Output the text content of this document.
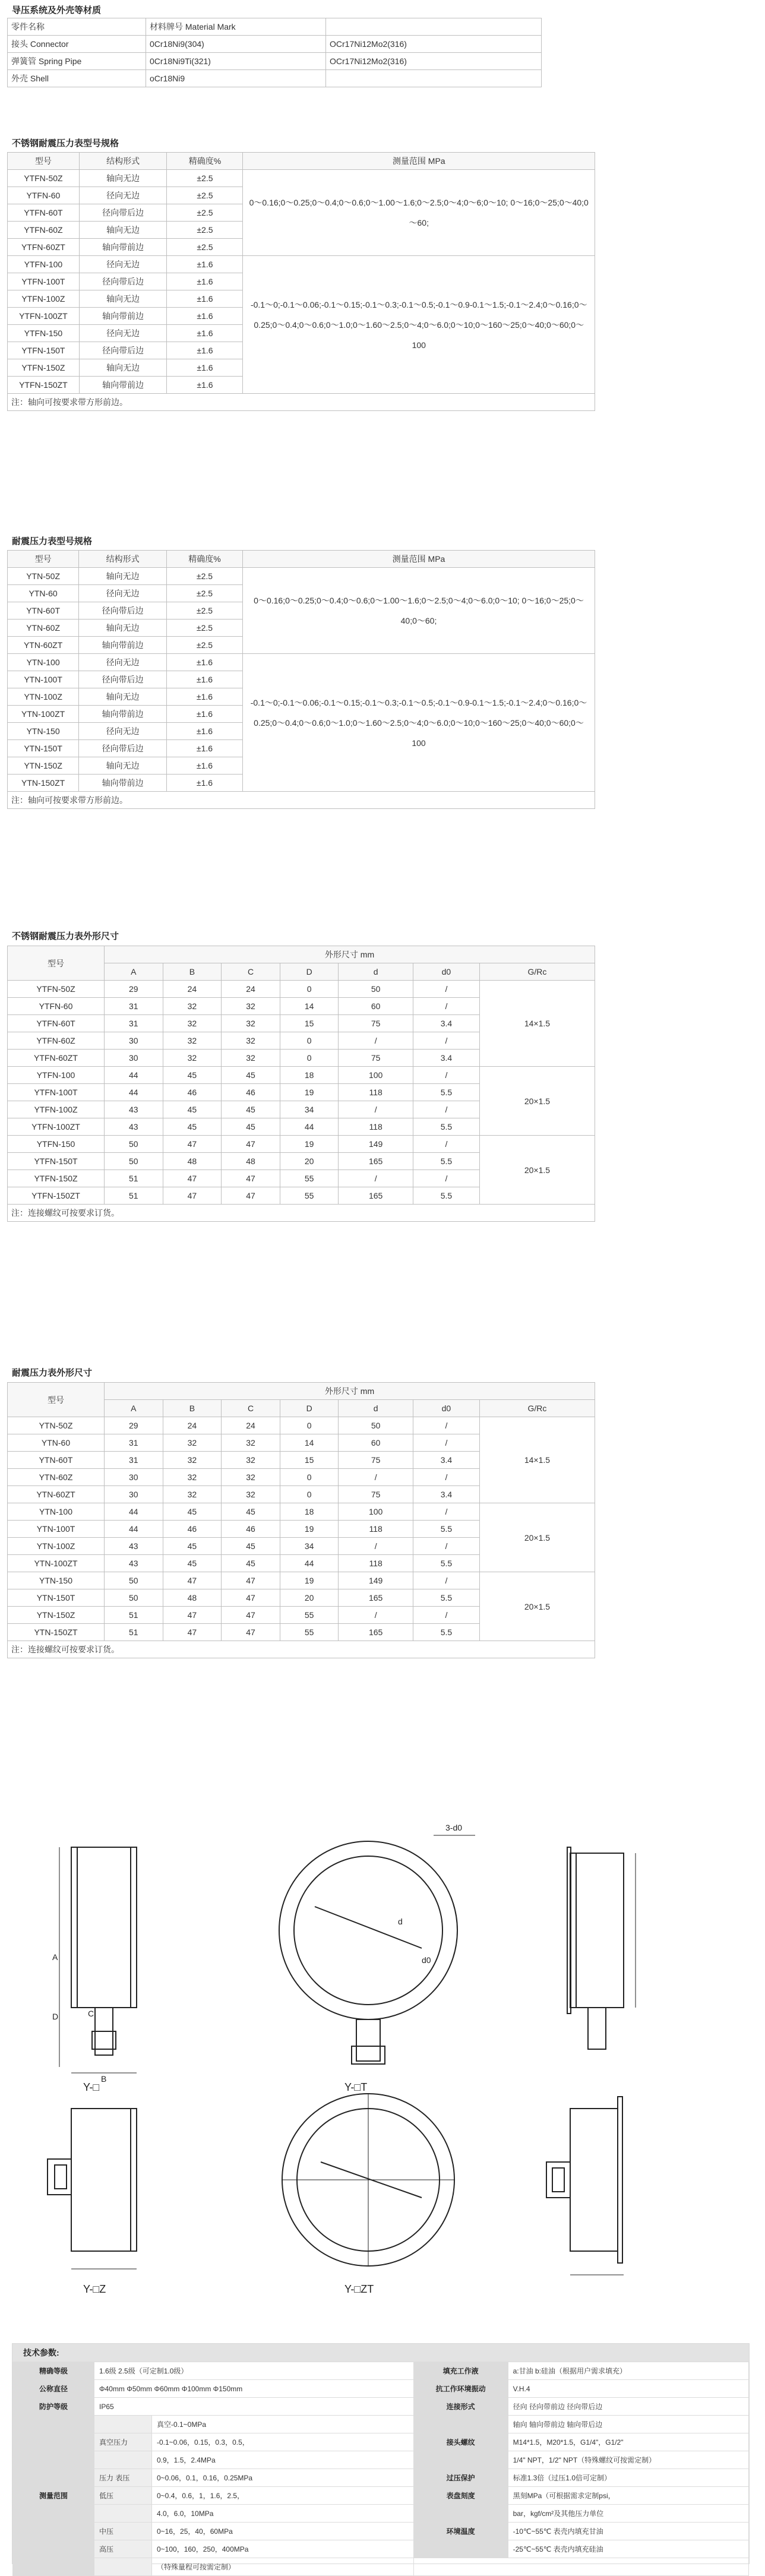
导压系统及外壳等材质
零件名称	材料牌号 Material Mark	
接头 Connector	0Cr18Ni9(304)	OCr17Ni12Mo2(316)
弹簧管 Spring Pipe	0Cr18Ni9Ti(321)	OCr17Ni12Mo2(316)
外壳 Shell	oCr18Ni9	
不锈钢耐震压力表型号规格
型号	结构形式	精确度%	测量范围 MPa
YTFN-50Z	轴向无边	±2.5	0～0.16;0～0.25;0～0.4;0～0.6;0～1.00～1.6;0～2.5;0～4;0～6;0～10; 0～16;0～25;0～40;0～60;
YTFN-60	径向无边	±2.5	
YTFN-60T	径向带后边	±2.5	
YTFN-60Z	轴向无边	±2.5	
YTFN-60ZT	轴向带前边	±2.5	
YTFN-100	径向无边	±1.6	-0.1～0;-0.1～0.06;-0.1～0.15;-0.1～0.3;-0.1～0.5;-0.1～0.9-0.1～1.5;-0.1～2.4;0～0.16;0～0.25;0～0.4;0～0.6;0～1.0;0～1.60～2.5;0～4;0～6.0;0～10;0～160～25;0～40;0～60;0～100
YTFN-100T	径向带后边	±1.6	
YTFN-100Z	轴向无边	±1.6	
YTFN-100ZT	轴向带前边	±1.6	
YTFN-150	径向无边	±1.6	
YTFN-150T	径向带后边	±1.6	
YTFN-150Z	轴向无边	±1.6	
YTFN-150ZT	轴向带前边	±1.6	
注：轴向可按要求带方形前边。			
耐震压力表型号规格
型号	结构形式	精确度%	测量范围 MPa
YTN-50Z	轴向无边	±2.5	0～0.16;0～0.25;0～0.4;0～0.6;0～1.00～1.6;0～2.5;0～4;0～6.0;0～10; 0～16;0～25;0～40;0～60;
YTN-60	径向无边	±2.5	
YTN-60T	径向带后边	±2.5	
YTN-60Z	轴向无边	±2.5	
YTN-60ZT	轴向带前边	±2.5	
YTN-100	径向无边	±1.6	-0.1～0;-0.1～0.06;-0.1～0.15;-0.1～0.3;-0.1～0.5;-0.1～0.9-0.1～1.5;-0.1～2.4;0～0.16;0～0.25;0～0.4;0～0.6;0～1.0;0～1.60～2.5;0～4;0～6.0;0～10;0～160～25;0～40;0～60;0～100
YTN-100T	径向带后边	±1.6	
YTN-100Z	轴向无边	±1.6	
YTN-100ZT	轴向带前边	±1.6	
YTN-150	径向无边	±1.6	
YTN-150T	径向带后边	±1.6	
YTN-150Z	轴向无边	±1.6	
YTN-150ZT	轴向带前边	±1.6	
注：轴向可按要求带方形前边。			
不锈钢耐震压力表外形尺寸
型号	外形尺寸 mm						
	A	B	C	D	d	d0	G/Rc
YTFN-50Z	29	24	24	0	50	/	14×1.5
YTFN-60	31	32	32	14	60	/	
YTFN-60T	31	32	32	15	75	3.4	
YTFN-60Z	30	32	32	0	/	/	
YTFN-60ZT	30	32	32	0	75	3.4	
YTFN-100	44	45	45	18	100	/	20×1.5
YTFN-100T	44	46	46	19	118	5.5	
YTFN-100Z	43	45	45	34	/	/	
YTFN-100ZT	43	45	45	44	118	5.5	
YTFN-150	50	47	47	19	149	/	20×1.5
YTFN-150T	50	48	48	20	165	5.5	
YTFN-150Z	51	47	47	55	/	/	
YTFN-150ZT	51	47	47	55	165	5.5	
注：连接螺纹可按要求订货。							
耐震压力表外形尺寸
型号	外形尺寸 mm						
	A	B	C	D	d	d0	G/Rc
YTN-50Z	29	24	24	0	50	/	14×1.5
YTN-60	31	32	32	14	60	/	
YTN-60T	31	32	32	15	75	3.4	
YTN-60Z	30	32	32	0	/	/	
YTN-60ZT	30	32	32	0	75	3.4	
YTN-100	44	45	45	18	100	/	20×1.5
YTN-100T	44	46	46	19	118	5.5	
YTN-100Z	43	45	45	34	/	/	
YTN-100ZT	43	45	45	44	118	5.5	
YTN-150	50	47	47	19	149	/	20×1.5
YTN-150T	50	48	47	20	165	5.5	
YTN-150Z	51	47	47	55	/	/	
YTN-150ZT	51	47	47	55	165	5.5	
注：连接螺纹可按要求订货。							
Y-□	Y-□T
Y-□Z	Y-□ZT
A
B
C
D
d
d0
3-d0
技术参数:
精确等级	1.6级 2.5级（可定制1.0级）		填充工作液	a:甘油 b:硅油（根据用户需求填充）
公称直径	Φ40mm Φ50mm Φ60mm Φ100mm Φ150mm		抗工作环境振动	V.H.4
防护等级	IP65		连接形式	径向 径向带前边 径向带后边
测量范围		真空-0.1~0MPa		轴向 轴向带前边 轴向带后边
	真空压力	-0.1~0.06，0.15，0.3，0.5，	接头螺纹	M14*1.5，M20*1.5，G1/4"，G1/2"
		0.9，1.5，2.4MPa		1/4" NPT，1/2" NPT（特殊螺纹可按需定制）
	压力 表压	0~0.06，0.1，0.16，0.25MPa	过压保护	标准1.3倍（过压1.0倍可定制）
	低压	0~0.4，0.6，1，1.6，2.5，	表盘刻度	黑刻MPa（可根据需求定制psi，
		4.0，6.0，10MPa		bar，kgf/cm²及其他压力单位
	中压	0~16，25，40，60MPa	环境温度	-10℃~55℃ 表壳内填充甘油
	高压	0~100，160，250，400MPa		-25℃~55℃ 表壳内填充硅油
		（特殊量程可按需定制）		
